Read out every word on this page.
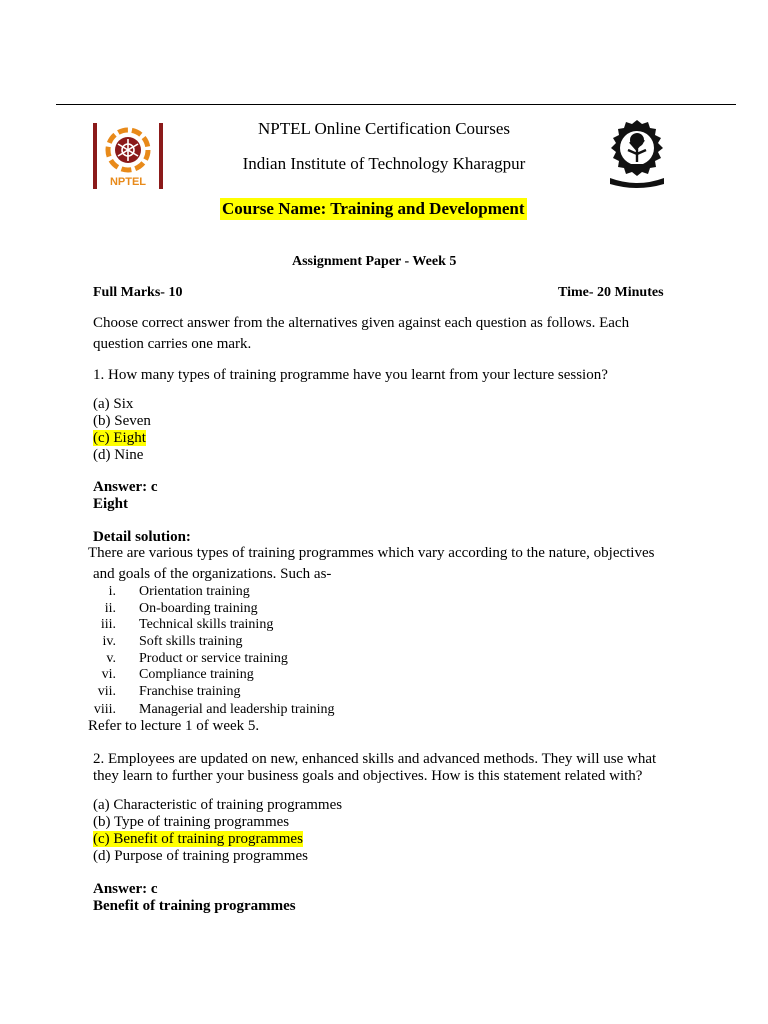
NPTEL
NPTEL Online Certification Courses
Indian Institute of Technology Kharagpur
Course Name: Training and Development
Assignment Paper - Week 5
Full Marks- 10	Time- 20 Minutes
Choose correct answer from the alternatives given against each question as follows. Each
question carries one mark.
1. How many types of training programme have you learnt from your lecture session?
(a) Six
(b) Seven
(c) Eight
(d) Nine
Answer: c
Eight
Detail solution:
There are various types of training programmes which vary according to the nature, objectives
and goals of the organizations. Such as-
i. Orientation training
ii. On-boarding training
iii. Technical skills training
iv. Soft skills training
v. Product or service training
vi. Compliance training
vii. Franchise training
viii. Managerial and leadership training
Refer to lecture 1 of week 5.
2. Employees are updated on new, enhanced skills and advanced methods. They will use what
they learn to further your business goals and objectives. How is this statement related with?
(a) Characteristic of training programmes
(b) Type of training programmes
(c) Benefit of training programmes
(d) Purpose of training programmes
Answer: c
Benefit of training programmes
